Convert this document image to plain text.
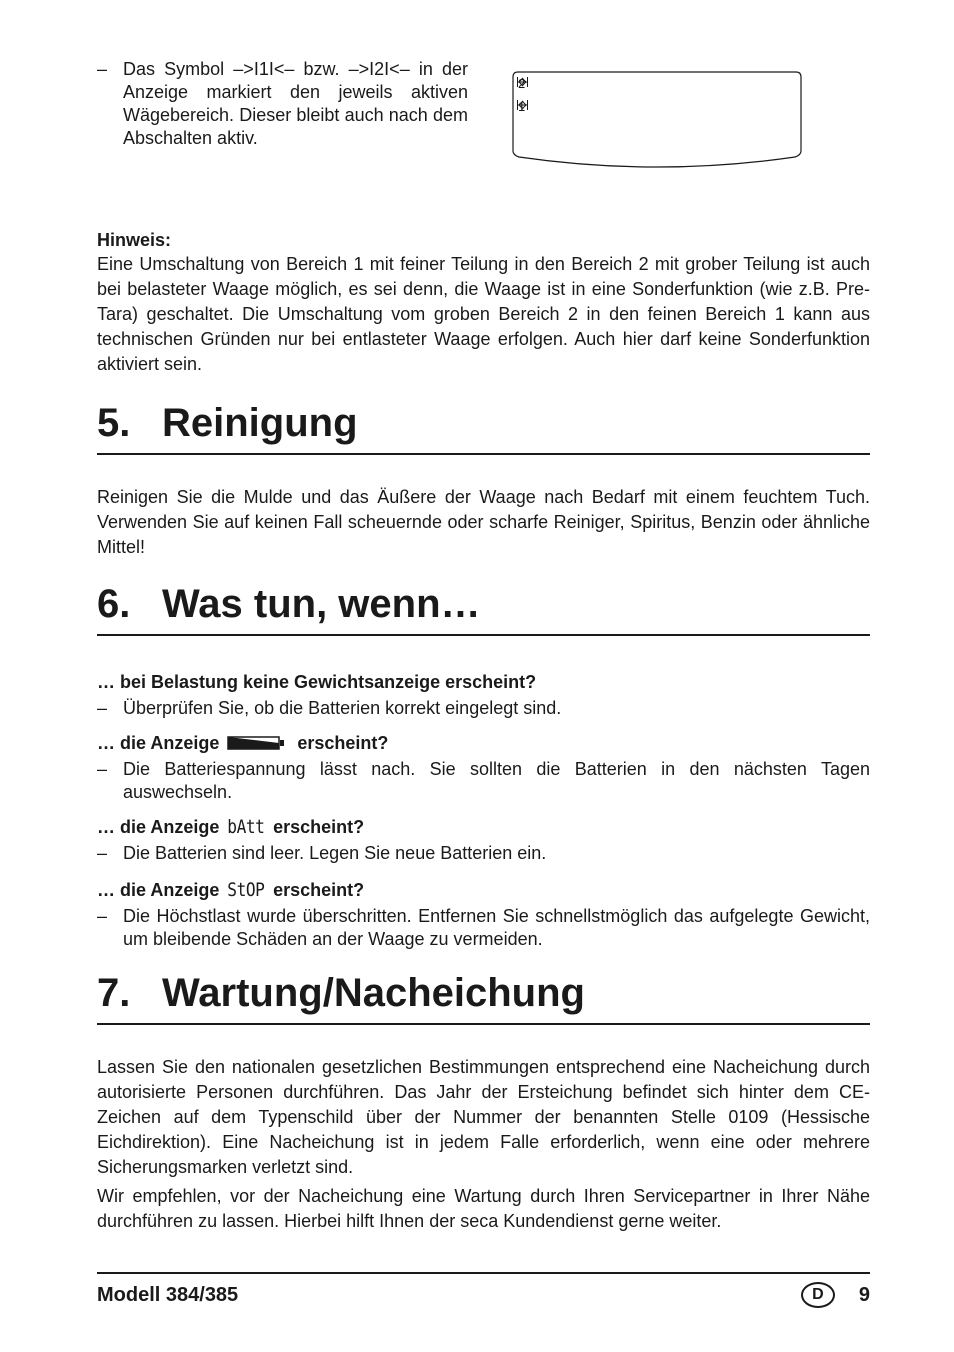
– Das Symbol –>I1I<– bzw. –>I2I<– in der Anzeige markiert den jeweils aktiven Wägebereich. Dieser bleibt auch nach dem Abschalten aktiv.
2
1
Hinweis:

Eine Umschaltung von Bereich 1 mit feiner Teilung in den Bereich 2 mit grober Teilung ist auch bei belasteter Waage möglich, es sei denn, die Waage ist in eine Sonderfunktion (wie z.B. Pre-Tara) geschaltet. Die Umschaltung vom groben Bereich 2 in den feinen Bereich 1 kann aus technischen Gründen nur bei entlasteter Waage erfolgen. Auch hier darf keine Sonderfunktion aktiviert sein.

5. Reinigung

Reinigen Sie die Mulde und das Äußere der Waage nach Bedarf mit einem feuchtem Tuch. Verwenden Sie auf keinen Fall scheuernde oder scharfe Reiniger, Spiritus, Benzin oder ähnliche Mittel!

6. Was tun, wenn…
… bei Belastung keine Gewichtsanzeige erscheint?
– Überprüfen Sie, ob die Batterien korrekt eingelegt sind.
… die Anzeige	erscheint?
– Die Batteriespannung lässt nach. Sie sollten die Batterien in den nächsten Tagen auswechseln.
… die Anzeige bAtt erscheint?
– Die Batterien sind leer. Legen Sie neue Batterien ein.
… die Anzeige StOP erscheint?
– Die Höchstlast wurde überschritten. Entfernen Sie schnellstmöglich das aufgelegte Gewicht, um bleibende Schäden an der Waage zu vermeiden.
7. Wartung/Nacheichung

Lassen Sie den nationalen gesetzlichen Bestimmungen entsprechend eine Nacheichung durch autorisierte Personen durchführen. Das Jahr der Ersteichung befindet sich hinter dem CE-Zeichen auf dem Typenschild über der Nummer der benannten Stelle 0109 (Hessische Eichdirektion). Eine Nacheichung ist in jedem Falle erforderlich, wenn eine oder mehrere Sicherungsmarken verletzt sind.

Wir empfehlen, vor der Nacheichung eine Wartung durch Ihren Servicepartner in Ihrer Nähe durchführen zu lassen. Hierbei hilft Ihnen der seca Kundendienst gerne weiter.

Modell 384/385	D	9
